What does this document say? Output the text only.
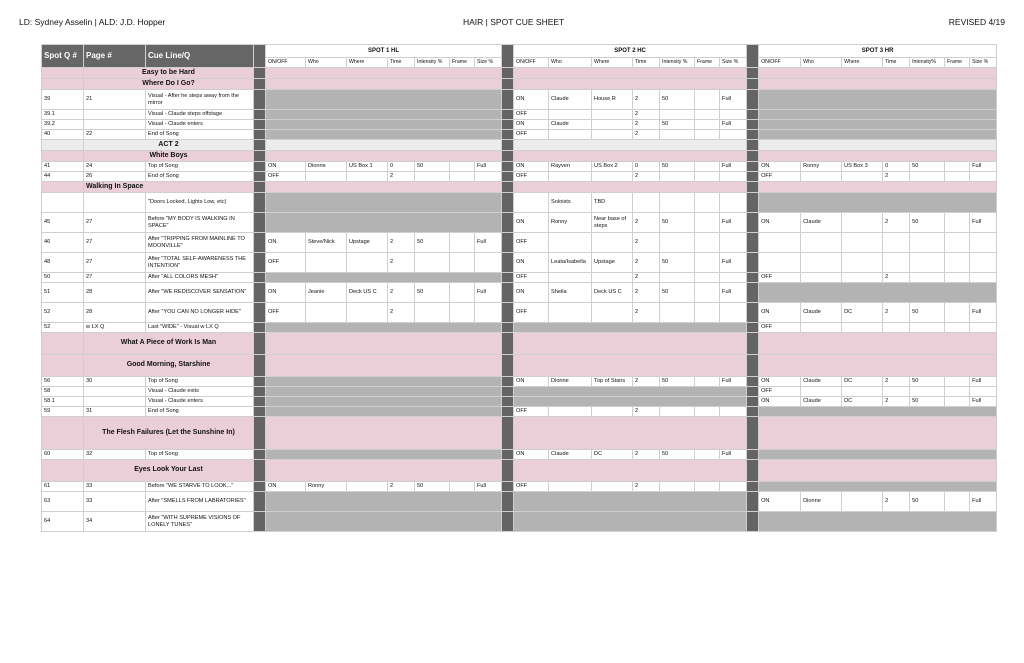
LD: Sydney Asselin | ALD: J.D. Hopper	HAIR | SPOT CUE SHEET	REVISED 4/19
Spot Q #	Page #	Cue Line/Q		SPOT 1 HL								SPOT 2 HC								SPOT 3 HR						
				ON/OFF	Who	Where	Time	Intensity %	Frame	Size %		ON/OFF	Who	Where	Time	Intensity %	Frame	Size %		ON/OFF	Who	Where	Time	Intensity%	Frame	Size %
	Easy to be Hard																									
	Where Do I Go?																									
39	21	Visual - After he steps away from the mirror										ON	Claude	House R	2	50		Full								
39.1		Visual - Claude steps offstage										OFF			2											
39.2		Visual - Claude enters										ON	Claude		2	50		Full								
40	22	End of Song										OFF			2											
	ACT 2																									
	White Boys																									
41	24	Top of Song		ON	Dionne	US Box 1	0	50		Full		ON	Rayven	US Box 2	0	50		Full		ON	Ronny	US Box 3	0	50		Full
44	26	End of Song		OFF			2					OFF			2					OFF			2			
	Walking In Space																									
		"Doors Locked, Lights Low, etc)											Soloists	TBD												
45	27	Before "MY BODY IS WALKING IN SPACE"										ON	Ronny	Near base of steps	2	50		Full		ON	Claude		2	50		Full
46	27	After "TRIPPING FROM MAINLINE TO MOONVILLE"		ON	Steve/Nick	Upstage	2	50		Full		OFF			2											
48	27	After "TOTAL SELF-AWARENESS THE INTENTION"		OFF			2					ON	Leata/Isabella	Upstage	2	50		Full								
50	27	After "ALL COLORS MESH"										OFF			2					OFF			2			
51	28	After "WE REDISCOVER SENSATION"		ON	Jeanie	Deck US C	2	50		Full		ON	Sheila	Deck US C	2	50		Full								
52	28	After "YOU CAN NO LONGER HIDE"		OFF			2					OFF			2					ON	Claude	DC	2	50		Full
52	w LX Q	Last "WIDE" - Visual w LX Q																		OFF						
	What A Piece of Work Is Man																									
	Good Morning, Starshine																									
56	30	Top of Song										ON	Dionne	Top of Stairs	2	50		Full		ON	Claude	DC	2	50		Full
58		Visual - Claude exits																		OFF						
58.1		Visual - Claude enters																		ON	Claude	DC	2	50		Full
59	31	End of Song										OFF			2											
	The Flesh Failures (Let the Sunshine In)																									
60	32	Top of Song										ON	Claude	DC	2	50		Full								
	Eyes Look Your Last																									
61	33	Before "WE STARVE TO LOOK..."		ON	Ronny		2	50		Full		OFF			2											
63	33	After "SMELLS FROM LABRATORIES"																		ON	Dionne		2	50		Full
64	34	After "WITH SUPREME VISIONS OF LONELY TUNES"																								
